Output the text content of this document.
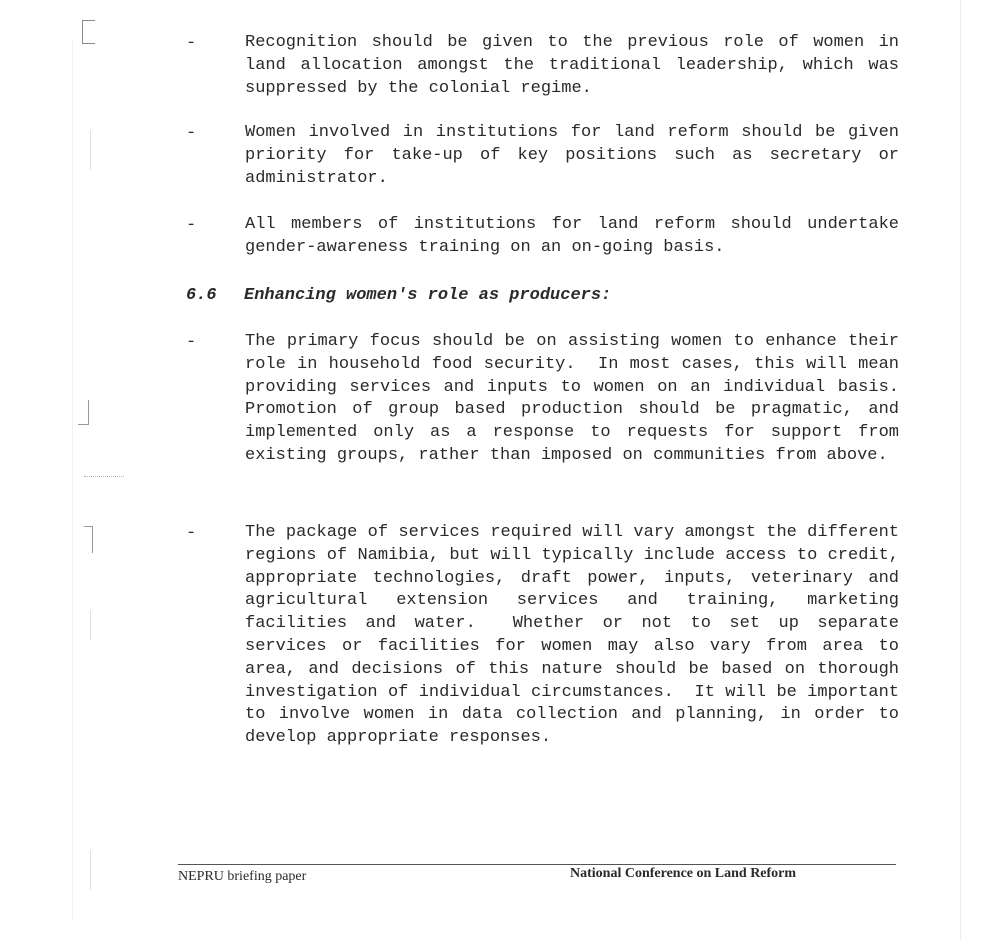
-	Recognition should be given to the previous role of women in land allocation amongst the traditional leadership, which was suppressed by the colonial regime.
-	Women involved in institutions for land reform should be given priority for take-up of key positions such as secretary or administrator.
-	All members of institutions for land reform should undertake gender-awareness training on an on-going basis.
6.6 Enhancing women's role as producers:
-	The primary focus should be on assisting women to enhance their role in household food security.  In most cases, this will mean providing services and inputs to women on an individual basis.  Promotion of group based production should be pragmatic, and implemented only as a response to requests for support from existing groups, rather than imposed on communities from above.
-	The package of services required will vary amongst the different regions of Namibia, but will typically include access to credit, appropriate technologies, draft power, inputs, veterinary and agricultural extension services and training, marketing facilities and water.  Whether or not to set up separate services or facilities for women may also vary from area to area, and decisions of this nature should be based on thorough investigation of individual circumstances.  It will be important to involve women in data collection and planning, in order to develop appropriate responses.
NEPRU briefing paper	National Conference on Land Reform
